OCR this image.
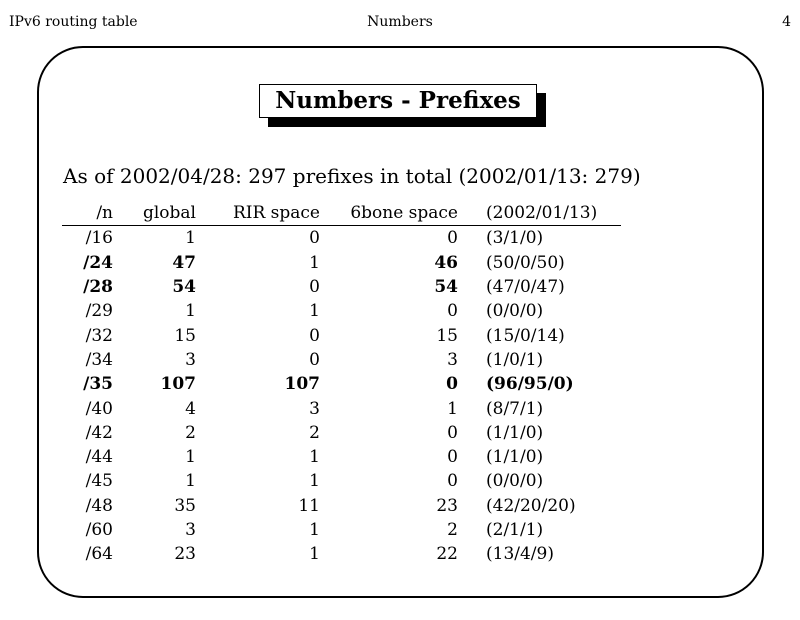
IPv6 routing table	Numbers	4
Numbers - Prefixes
As of 2002/04/28: 297 prefixes in total (2002/01/13: 279)
/n	global	RIR space	6bone space	(2002/01/13)
/16	1	0	0	(3/1/0)
/24	47	1	46	(50/0/50)
/28	54	0	54	(47/0/47)
/29	1	1	0	(0/0/0)
/32	15	0	15	(15/0/14)
/34	3	0	3	(1/0/1)
/35	107	107	0	(96/95/0)
/40	4	3	1	(8/7/1)
/42	2	2	0	(1/1/0)
/44	1	1	0	(1/1/0)
/45	1	1	0	(0/0/0)
/48	35	11	23	(42/20/20)
/60	3	1	2	(2/1/1)
/64	23	1	22	(13/4/9)
